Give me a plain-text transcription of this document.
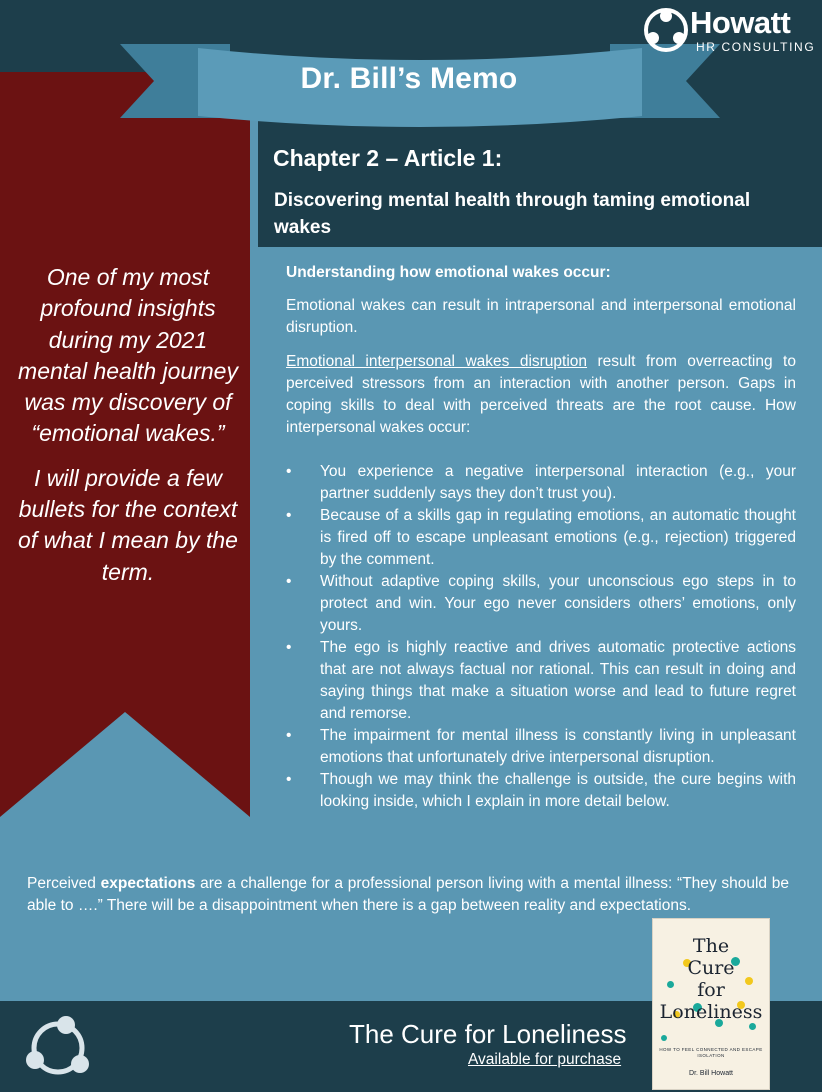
Dr. Bill’s Memo
Howatt
HR CONSULTING
Chapter 2 – Article 1:
Discovering mental health through taming emotional wakes

One of my most profound insights during my 2021 mental health journey was my discovery of “emotional wakes.”

I will provide a few bullets for the context of what I mean by the term.

Understanding how emotional wakes occur:

Emotional wakes can result in intrapersonal and interpersonal emotional disruption.

Emotional interpersonal wakes disruption result from overreacting to perceived stressors from an interaction with another person. Gaps in coping skills to deal with perceived threats are the root cause. How interpersonal wakes occur:

• You experience a negative interpersonal interaction (e.g., your partner suddenly says they don’t trust you).
• Because of a skills gap in regulating emotions, an automatic thought is fired off to escape unpleasant emotions (e.g., rejection) triggered by the comment.
• Without adaptive coping skills, your unconscious ego steps in to protect and win. Your ego never considers others’ emotions, only yours.
• The ego is highly reactive and drives automatic protective actions that are not always factual nor rational. This can result in doing and saying things that make a situation worse and lead to future regret and remorse.
• The impairment for mental illness is constantly living in unpleasant emotions that unfortunately drive interpersonal disruption.
• Though we may think the challenge is outside, the cure begins with looking inside, which I explain in more detail below.

Perceived expectations are a challenge for a professional person living with a mental illness: “They should be able to ….” There will be a disappointment when there is a gap between reality and expectations.

The Cure for Loneliness
Available for purchase
The
Cure
for
Loneliness
HOW TO FEEL CONNECTED AND ESCAPE ISOLATION
Dr. Bill Howatt
